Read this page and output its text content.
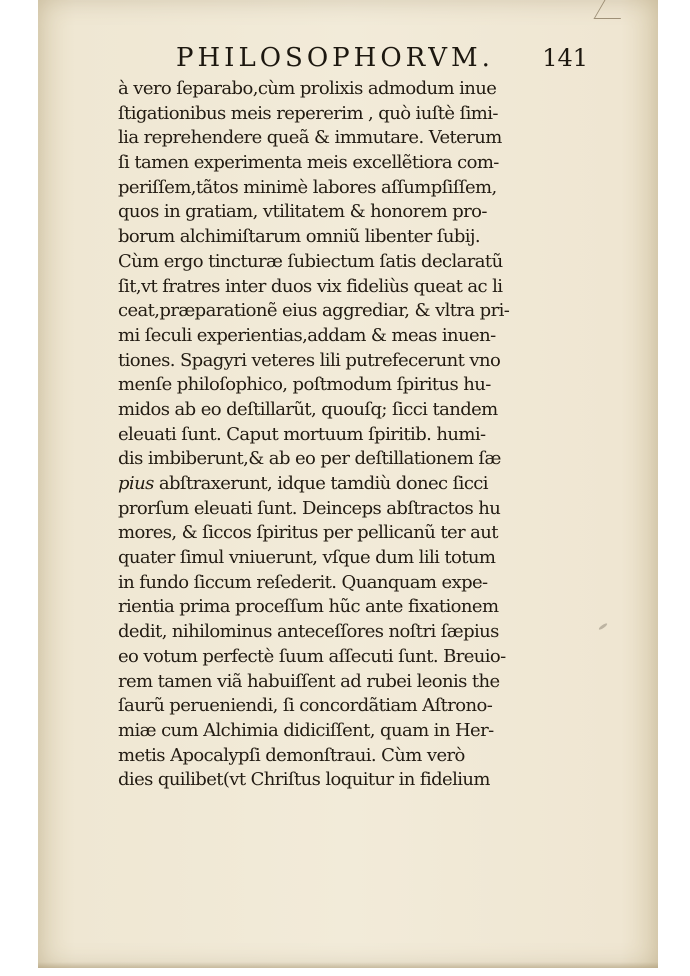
PHILOSOPHORVM. 141
à vero ſeparabo,cùm prolixis admodum inue
ſtigationibus meis repererim , quò iuſtè ſimi-
lia reprehendere queã & immutare. Veterum
ſi tamen experimenta meis excellẽtiora com-
periſſem,tãtos minimè labores aſſumpſiſſem,
quos in gratiam, vtilitatem & honorem pro-
borum alchimiſtarum omniũ libenter ſubij.
Cùm ergo tincturæ ſubiectum ſatis declaratũ
ſit,vt fratres inter duos vix fideliùs queat ac li
ceat,præparationẽ eius aggrediar, & vltra pri-
mi ſeculi experientias,addam & meas inuen-
tiones. Spagyri veteres lili putrefecerunt vno
menſe philoſophico, poſtmodum ſpiritus hu-
midos ab eo deſtillarũt, quouſq; ſicci tandem
eleuati ſunt. Caput mortuum ſpiritib. humi-
dis imbiberunt,& ab eo per deſtillationem ſæ
pius abſtraxerunt, idque tamdiù donec ſicci
prorſum eleuati ſunt. Deinceps abſtractos hu
mores, & ſiccos ſpiritus per pellicanũ ter aut
quater ſimul vniuerunt, vſque dum lili totum
in fundo ſiccum reſederit. Quanquam expe-
rientia prima proceſſum hũc ante fixationem
dedit, nihilominus anteceſſores noſtri ſæpius
eo votum perfectè ſuum aſſecuti ſunt. Breuio-
rem tamen viã habuiſſent ad rubei leonis the
ſaurũ perueniendi, ſi concordãtiam Aſtrono-
miæ cum Alchimia didiciſſent, quam in Her-
metis Apocalypſi demonſtraui. Cùm verò
dies quilibet(vt Chriſtus loquitur in fidelium
